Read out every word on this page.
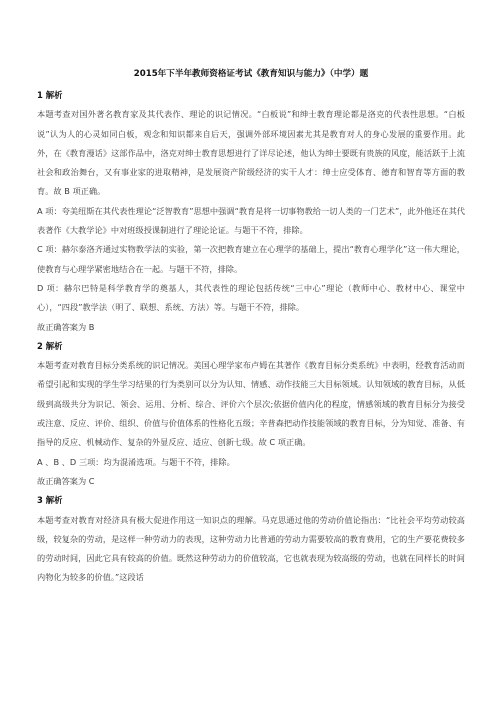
2015年下半年教师资格证考试《教育知识与能力》（中学）题

1 解析

本题考查对国外著名教育家及其代表作、理论的识记情况。“白板说”和绅士教育理论都是洛克的代表性思想。“白板说”认为人的心灵如同白板，观念和知识都来自后天，强调外部环境因素尤其是教育对人的身心发展的重要作用。此外，在《教育漫话》这部作品中，洛克对绅士教育思想进行了详尽论述，他认为绅士要既有贵族的风度，能活跃于上流社会和政治舞台，又有事业家的进取精神，是发展资产阶级经济的实干人才：绅士应受体育、德育和智育等方面的教育。故 B 项正确。

A 项：夸美纽斯在其代表性理论“泛智教育”思想中强调“教育是将一切事物教给一切人类的一门艺术”，此外他还在其代表著作《大教学论》中对班级授课制进行了理论论证。与题干不符，排除。

C 项：赫尔泰洛齐通过实物教学法的实验，第一次把教育建立在心理学的基础上，提出“教育心理学化”这一伟大理论，使教育与心理学紧密地结合在一起。与题干不符，排除。

D 项：赫尔巴特是科学教育学的奠基人，其代表性的理论包括传统“三中心”理论（教师中心、教材中心、课堂中心），“四段”教学法（明了、联想、系统、方法）等。与题干不符，排除。

故正确答案为 B

2 解析

本题考查对教育目标分类系统的识记情况。美国心理学家布卢姆在其著作《教育目标分类系统》中表明，经教育活动而希望引起和实现的学生学习结果的行为类别可以分为认知、情感、动作技能三大目标领域。认知领域的教育目标，从低级到高级共分为识记、领会、运用、分析、综合、评价六个层次;依据价值内化的程度，情感领域的教育目标分为接受或注意、反应、评价、组织、价值与价值体系的性格化五级；辛普森把动作技能领域的教育目标，分为知觉、准备、有指导的反应、机械动作、复杂的外显反应、适应、创新七级。故 C 项正确。

A 、B 、D 三项：均为混淆选项。与题干不符，排除。

故正确答案为 C

3 解析

本题考查对教育对经济具有极大促进作用这一知识点的理解。马克思通过他的劳动价值论指出：“比社会平均劳动较高级，较复杂的劳动，是这样一种劳动力的表现，这种劳动力比普通的劳动力需要较高的教育费用，它的生产要花费较多的劳动时间，因此它具有较高的价值。既然这种劳动力的价值较高，它也就表现为较高级的劳动，也就在同样长的时间内物化为较多的价值。”这段话
